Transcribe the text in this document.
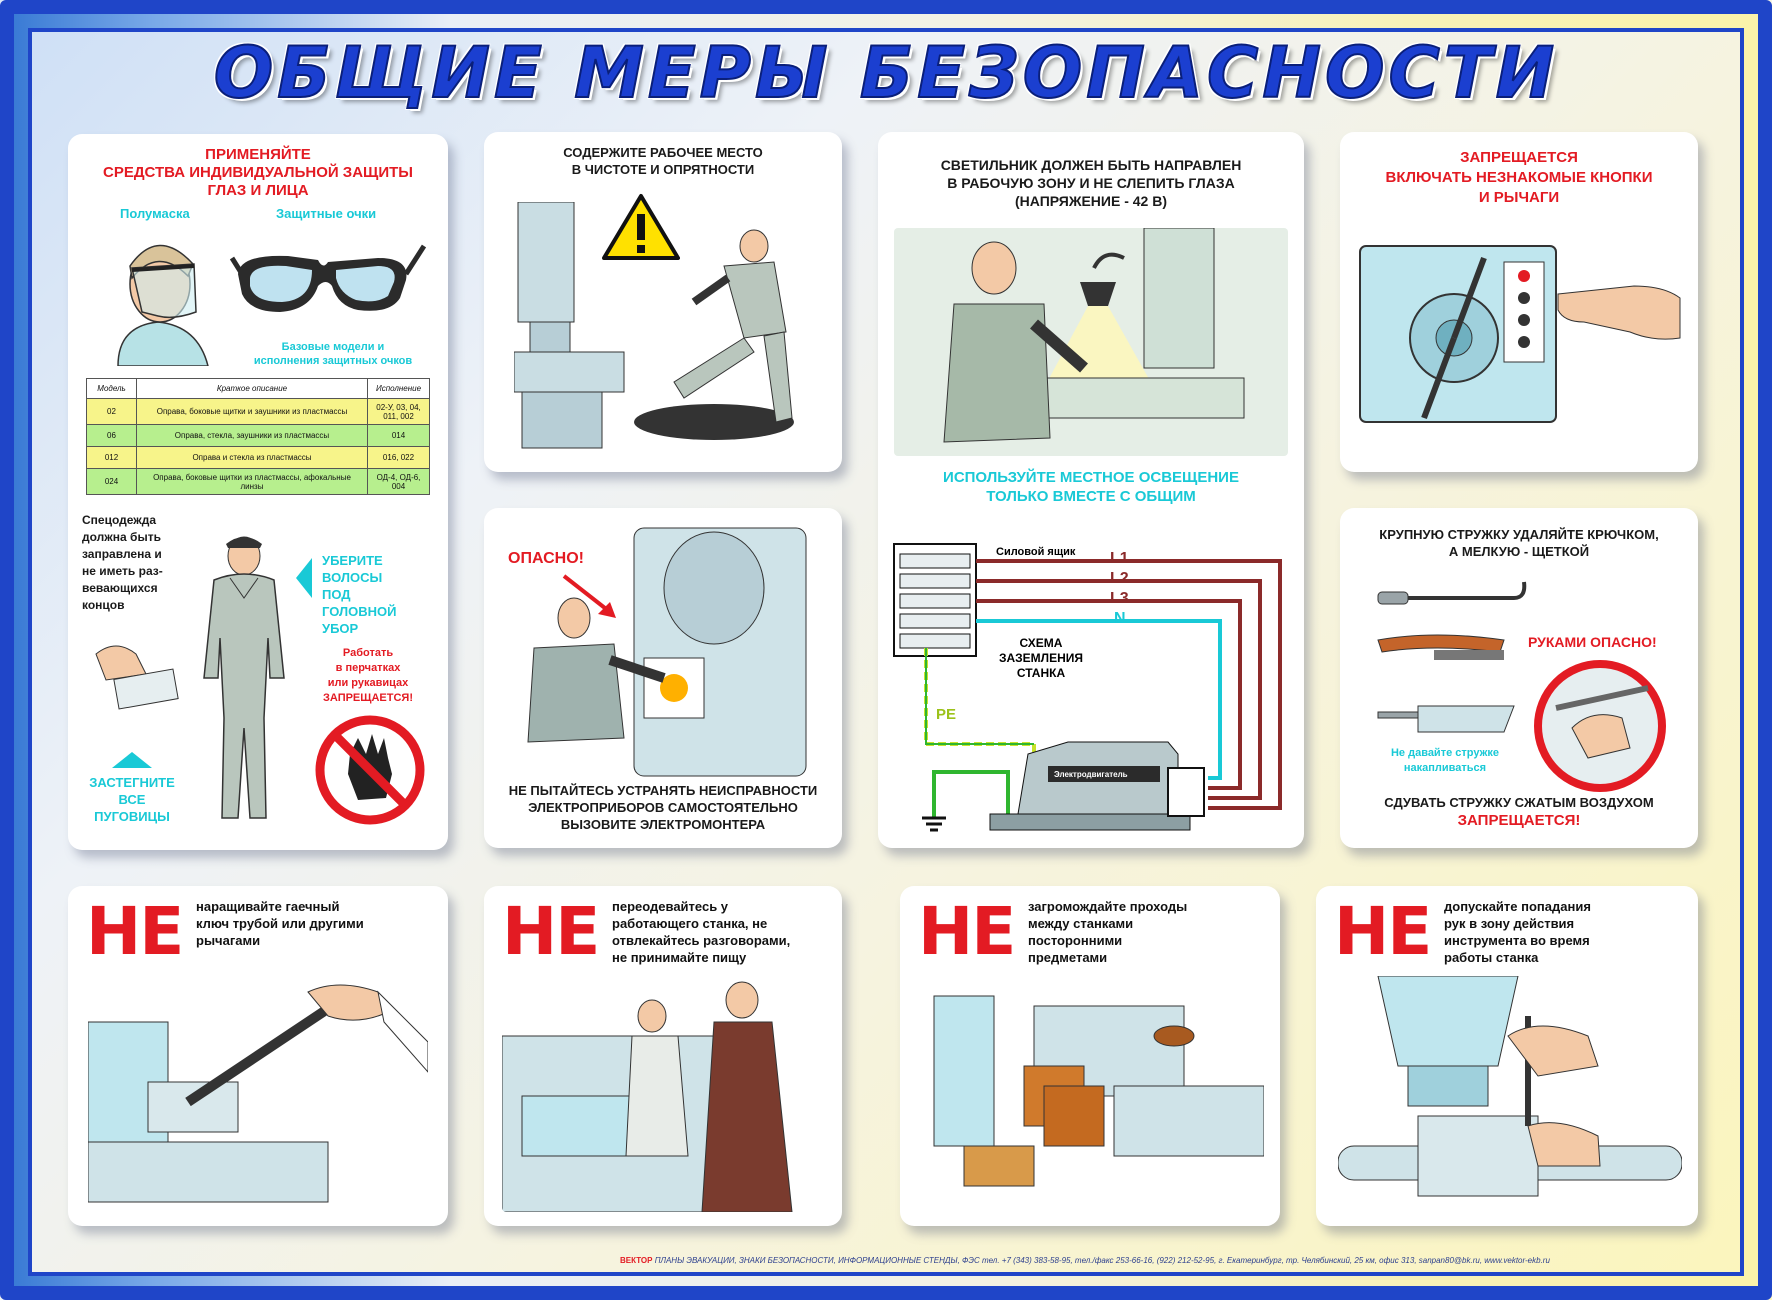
ОБЩИЕ МЕРЫ БЕЗОПАСНОСТИ
ПРИМЕНЯЙТЕ
СРЕДСТВА ИНДИВИДУАЛЬНОЙ ЗАЩИТЫ
ГЛАЗ И ЛИЦА
Полумаска	Защитные очки
Базовые модели и
исполнения защитных очков
Модель	Краткое описание	Исполнение
02	Оправа, боковые щитки и заушники из пластмассы	02-У, 03, 04, 011, 002
06	Оправа, стекла, заушники из пластмассы	014
012	Оправа и стекла из пластмассы	016, 022
024	Оправа, боковые щитки из пластмассы, афокальные линзы	ОД-4, ОД-6, 004
Спецодежда
должна быть
заправлена и
не иметь раз-
вевающихся
концов
УБЕРИТЕ
ВОЛОСЫ
ПОД
ГОЛОВНОЙ
УБОР
Работать
в перчатках
или рукавицах
ЗАПРЕЩАЕТСЯ!
ЗАСТЕГНИТЕ
ВСЕ
ПУГОВИЦЫ
СОДЕРЖИТЕ РАБОЧЕЕ МЕСТО
В ЧИСТОТЕ И ОПРЯТНОСТИ
ОПАСНО!
НЕ ПЫТАЙТЕСЬ УСТРАНЯТЬ НЕИСПРАВНОСТИ
ЭЛЕКТРОПРИБОРОВ САМОСТОЯТЕЛЬНО
ВЫЗОВИТЕ ЭЛЕКТРОМОНТЕРА
СВЕТИЛЬНИК ДОЛЖЕН БЫТЬ НАПРАВЛЕН
В РАБОЧУЮ ЗОНУ И НЕ СЛЕПИТЬ ГЛАЗА
(НАПРЯЖЕНИЕ - 42 В)
ИСПОЛЬЗУЙТЕ МЕСТНОЕ ОСВЕЩЕНИЕ
ТОЛЬКО ВМЕСТЕ С ОБЩИМ
Силовой ящик L1
L2
L3
N
СХЕМА
ЗАЗЕМЛЕНИЯ
СТАНКА
PE
Электродвигатель
ЗАПРЕЩАЕТСЯ
ВКЛЮЧАТЬ НЕЗНАКОМЫЕ КНОПКИ
И РЫЧАГИ
КРУПНУЮ СТРУЖКУ УДАЛЯЙТЕ КРЮЧКОМ,
А МЕЛКУЮ - ЩЕТКОЙ
РУКАМИ ОПАСНО!
Не давайте стружке
накапливаться
СДУВАТЬ СТРУЖКУ СЖАТЫМ ВОЗДУХОМ
ЗАПРЕЩАЕТСЯ!
НЕ наращивайте гаечный
ключ трубой или другими
рычагами	НЕ переодевайтесь у
работающего станка, не
отвлекайтесь разговорами,
не принимайте пищу	НЕ загромождайте проходы
между станками
посторонними
предметами	НЕ допускайте попадания
рук в зону действия
инструмента во время
работы станка
ВЕКТОР ПЛАНЫ ЭВАКУАЦИИ, ЗНАКИ БЕЗОПАСНОСТИ, ИНФОРМАЦИОННЫЕ СТЕНДЫ, ФЭС тел. +7 (343) 383-58-95, тел./факс 253-66-16, (922) 212-52-95, г. Екатеринбург, тр. Челябинский, 25 км, офис 313, sanpan80@bk.ru, www.vektor-ekb.ru
